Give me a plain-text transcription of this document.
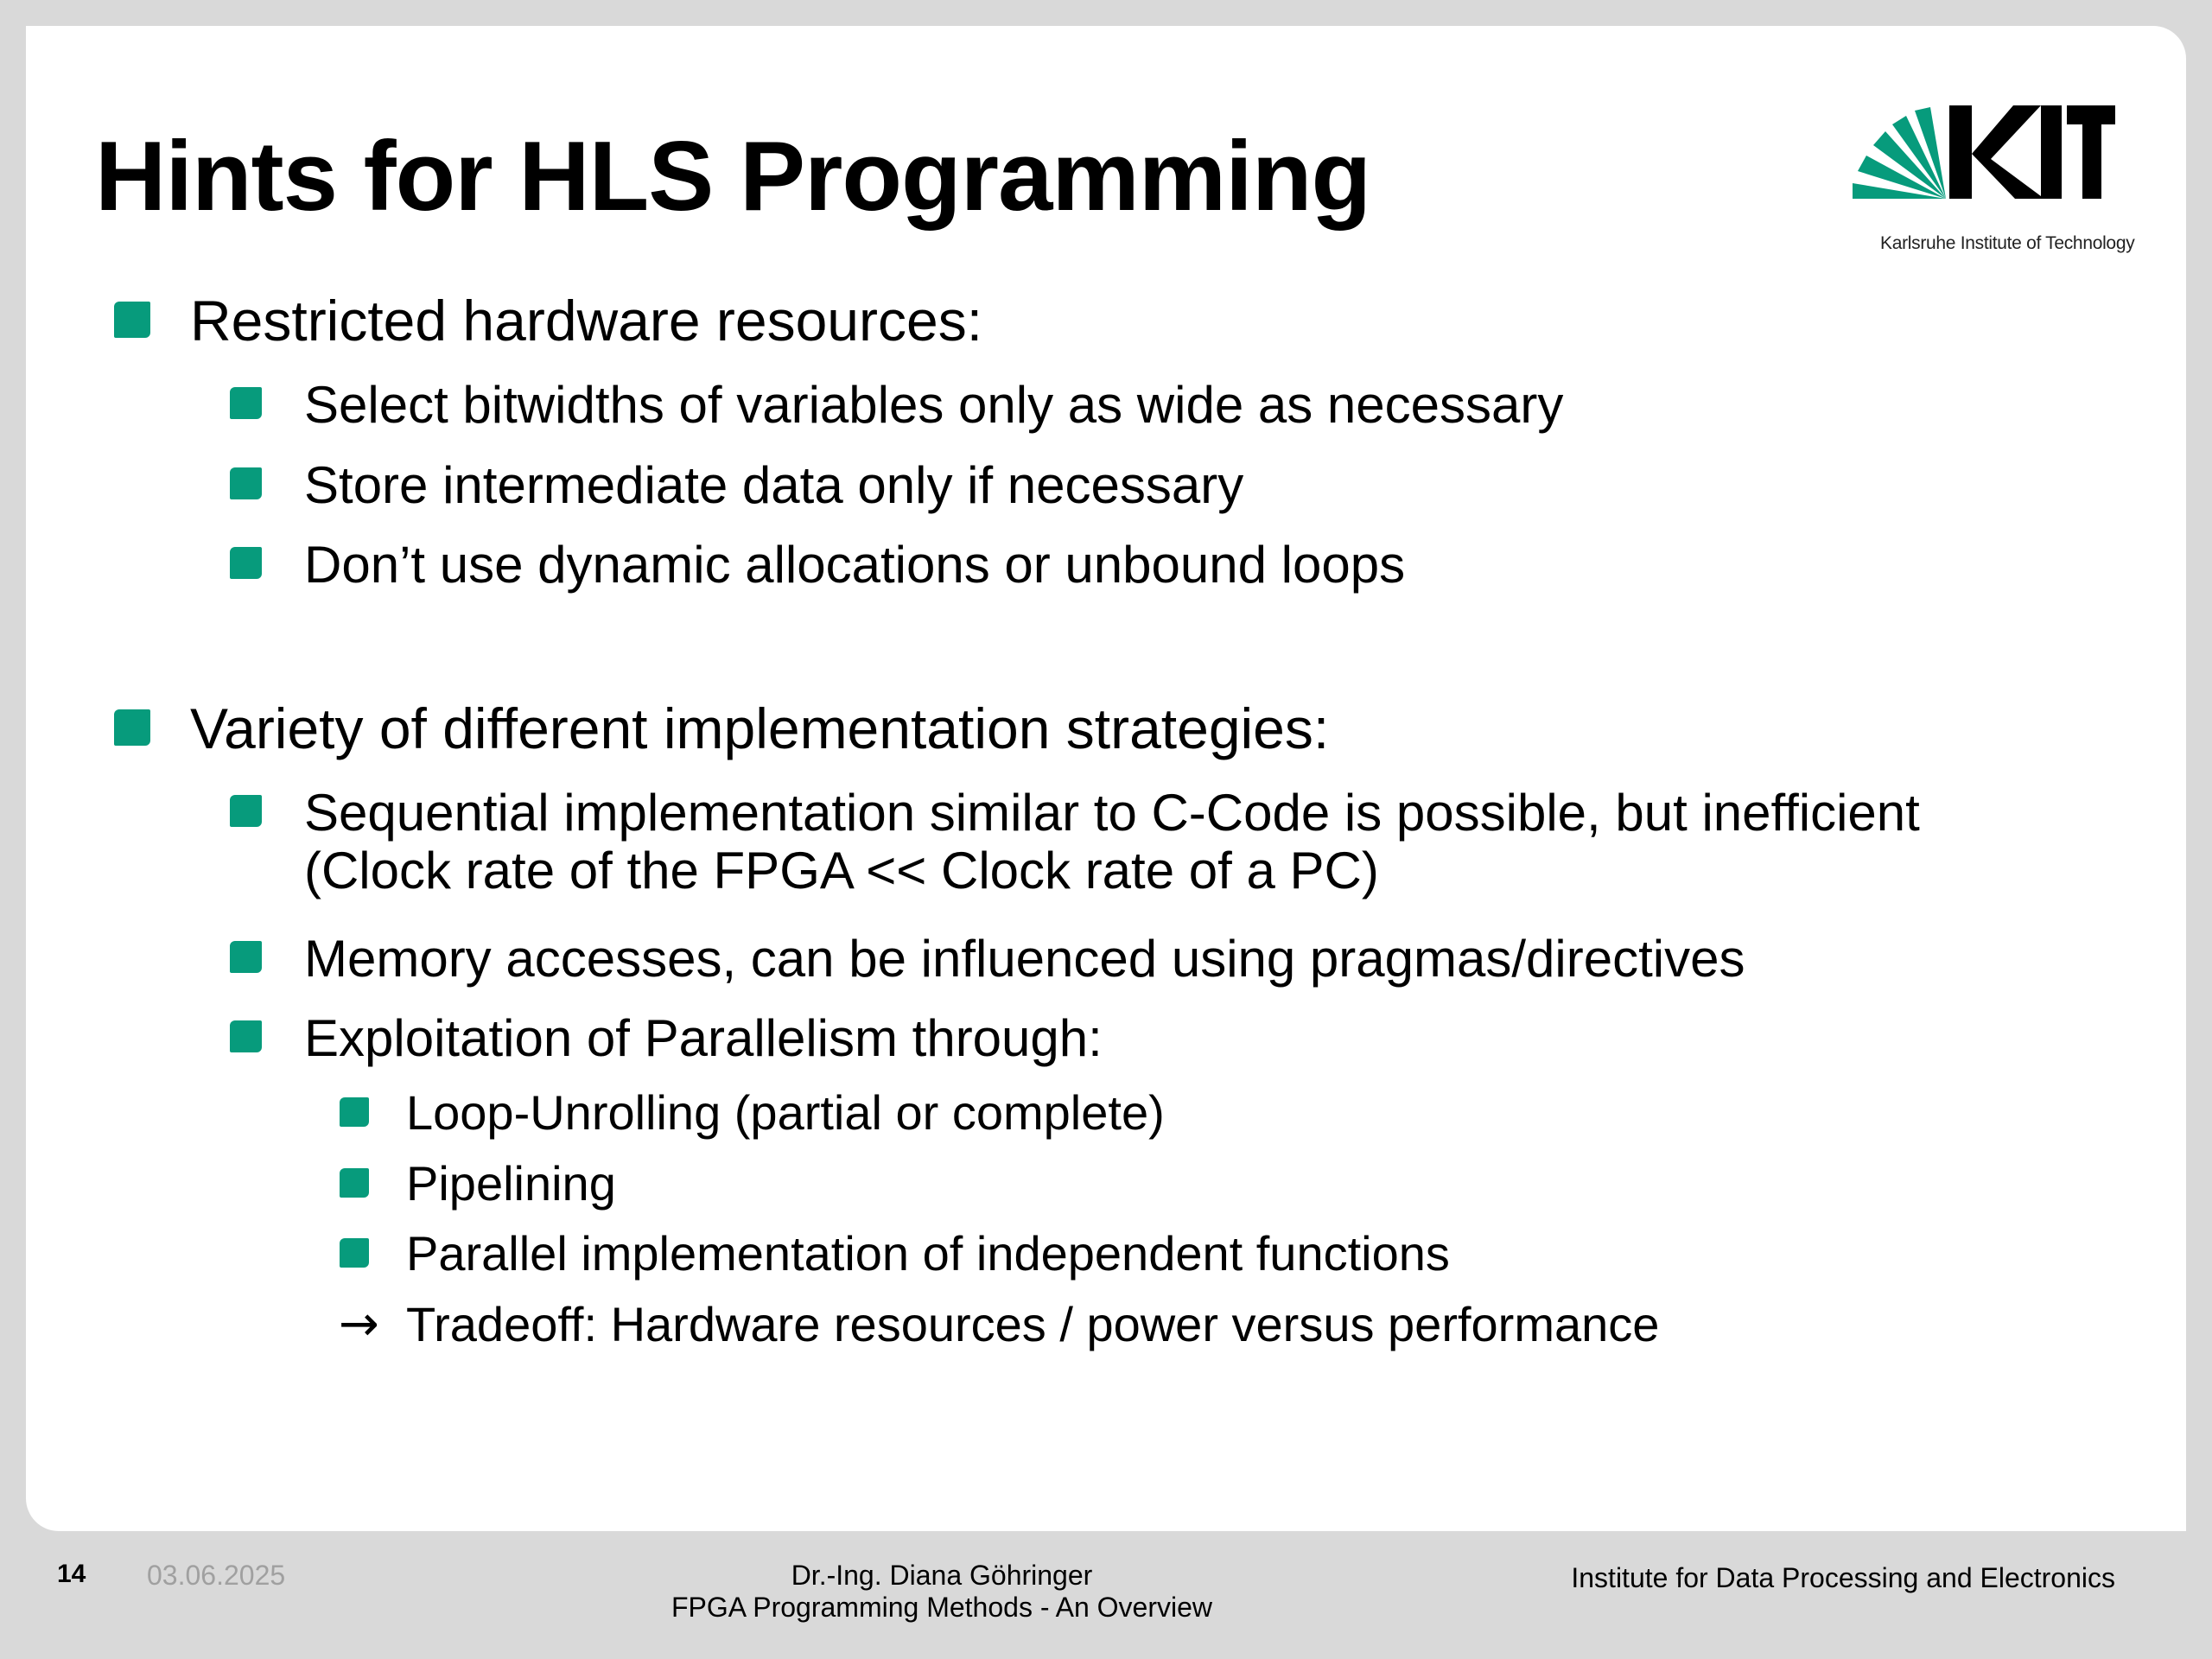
Hints for HLS Programming
Karlsruhe Institute of Technology
Restricted hardware resources:
Select bitwidths of variables only as wide as necessary
Store intermediate data only if necessary
Don’t use dynamic allocations or unbound loops
Variety of different implementation strategies:
Sequential implementation similar to C-Code is possible, but inefficient
(Clock rate of the FPGA << Clock rate of a PC)
Memory accesses, can be influenced using pragmas/directives
Exploitation of Parallelism through:
Loop-Unrolling (partial or complete)
Pipelining
Parallel implementation of independent functions
→ Tradeoff: Hardware resources / power versus performance
14 03.06.2025	Dr.-Ing. Diana Göhringer
FPGA Programming Methods - An Overview
Institute for Data Processing and Electronics
